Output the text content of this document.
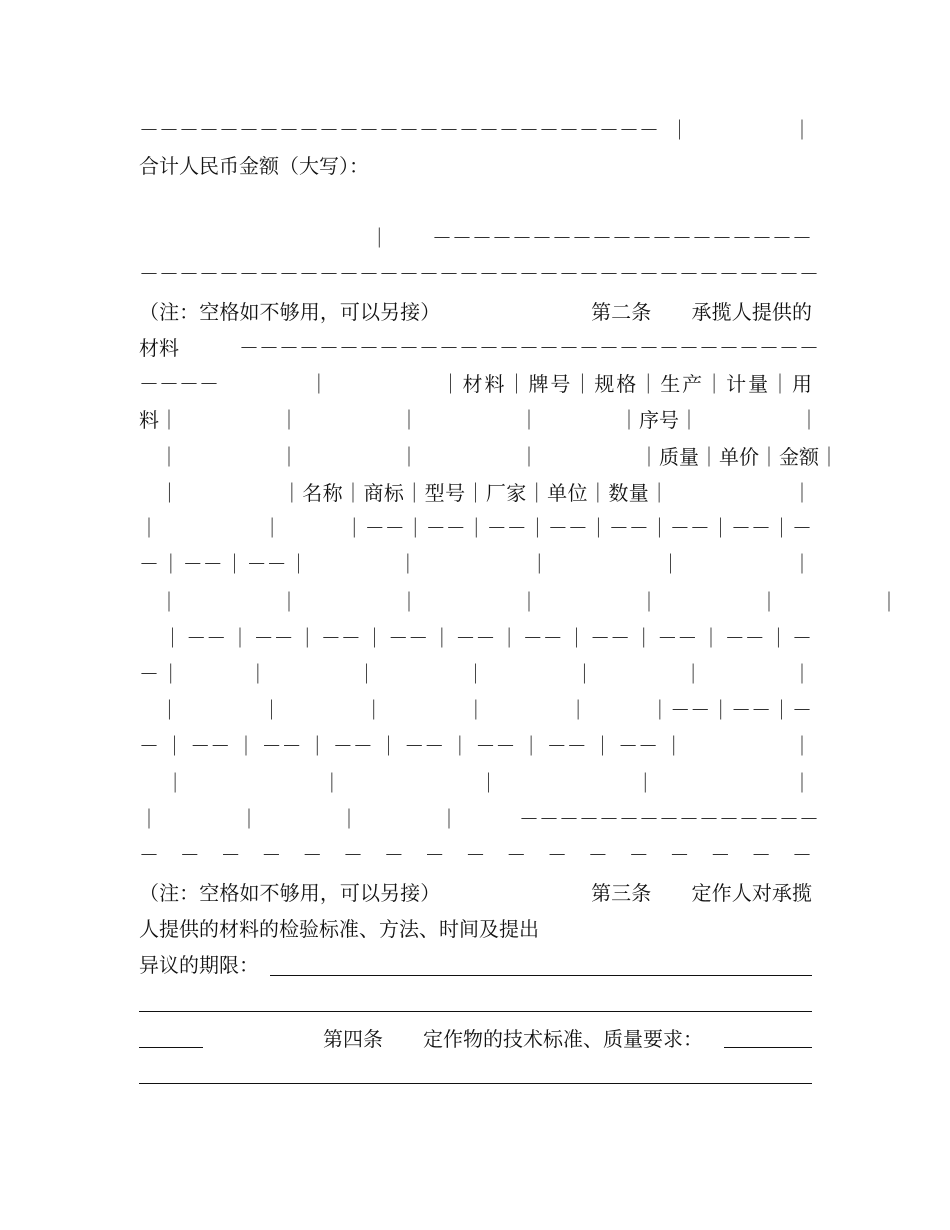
－－－－－－－－－－－－－－－－－－－－－－－－－－｜　　　｜
合计人民币金额（大写）：
　　　　　　　　　　　｜　　－－－－－－－－－－－－－－－－－－－
－－－－－－－－－－－－－－－－－－－－－－－－－－－－－－－－－－
（注：空格如不够用，可以另接）　　　　　　　　第二条　　承揽人提供的
材料　　　－－－－－－－－－－－－－－－－－－－－－－－－－－－－－
－－－－　　　　｜　　　　　｜材料｜牌号｜规格｜生产｜计量｜用
料｜　　　　　｜　　　　　｜　　　　　｜　　　　｜序号｜　　　　　｜
　｜　　　　　｜　　　　　｜　　　　　｜　　　　　｜质量｜单价｜金额｜
　｜　　　　　｜名称｜商标｜型号｜厂家｜单位｜数量｜　　　　　　｜
｜　　　　　｜　　　｜－－｜－－｜－－｜－－｜－－｜－－｜－－｜－
－｜－－｜－－｜　　　　｜　　　　　｜　　　　　｜　　　　　｜
　｜　　　　　｜　　　　　｜　　　　　｜　　　　　｜　　　　　｜　　　　　｜
　｜－－｜－－｜－－｜－－｜－－｜－－｜－－｜－－｜－－｜－
－｜　　　｜　　　　｜　　　　｜　　　　｜　　　　｜　　　　｜
　｜　　　　｜　　　　｜　　　　｜　　　　｜　　　｜－－｜－－｜－
－｜－－｜－－｜－－｜－－｜－－｜－－｜－－｜　　　　｜
　｜　　　　　｜　　　　　｜　　　　　｜　　　　　｜
｜　　　　｜　　　　｜　　　　｜　　　－－－－－－－－－－－－－－－
－　－　－　－　－　－　－　－　－　－　－　－　－　－　－　－　－
（注：空格如不够用，可以另接）　　　　　　　　第三条　　定作人对承揽
人提供的材料的检验标准、方法、时间及提出
异议的期限：
第四条　　定作物的技术标准、质量要求：
